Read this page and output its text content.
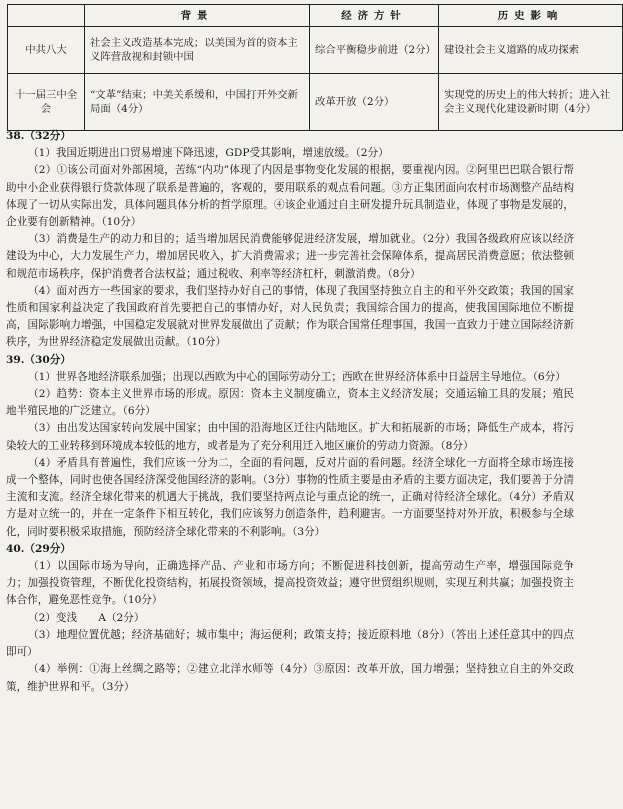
	背景	经济方针	历史影响
中共八大	社会主义改造基本完成；以美国为首的资本主义阵营敌视和封锁中国	综合平衡稳步前进（2分）	建设社会主义道路的成功探索
十一届三中全会	“文革”结束；中美关系缓和，中国打开外交新局面（4分）	改革开放（2分）	实现党的历史上的伟大转折；进入社会主义现代化建设新时期（4分）
38.（32分）

（1）我国近期进出口贸易增速下降迅速，GDP受其影响，增速放缓。（2分）

（2）①该公司面对外部困境，苦练“内功”体现了内因是事物变化发展的根据，要重视内因。②阿里巴巴联合银行帮助中小企业获得银行贷款体现了联系是普遍的，客观的，要用联系的观点看问题。③方正集团面向农村市场测整产品结构体现了一切从实际出发，具体问题具体分析的哲学原理。④该企业通过自主研发提升玩具制造业，体现了事物是发展的，企业要有创新精神。（10分）

（3）消费是生产的动力和目的；适当增加居民消费能够促进经济发展，增加就业。（2分）我国各级政府应该以经济建设为中心，大力发展生产力，增加居民收入，扩大消费需求；进一步完善社会保障体系，提高居民消费意愿；依法整顿和规范市场秩序，保护消费者合法权益；通过税收、利率等经济杠杆，刺激消费。（8分）

（4）面对西方一些国家的要求，我们坚持办好自己的事情，体现了我国坚持独立自主的和平外交政策；我国的国家性质和国家利益决定了我国政府首先要把自己的事情办好，对人民负责；我国综合国力的提高，使我国国际地位不断提高，国际影响力增强，中国稳定发展就对世界发展做出了贡献；作为联合国常任理事国，我国一直致力于建立国际经济新秩序，为世界经济稳定发展做出贡献。（10分）

39.（30分）

（1）世界各地经济联系加强；出现以西欧为中心的国际劳动分工；西欧在世界经济体系中日益居主导地位。（6分）

（2）趋势：资本主义世界市场的形成。原因：资本主义制度确立，资本主义经济发展；交通运输工具的发展；殖民地半殖民地的广泛建立。（6分）

（3）由出发达国家转向发展中国家；由中国的沿海地区迁往内陆地区。扩大和拓展新的市场；降低生产成本，将污染较大的工业转移到环境成本较低的地方，或者是为了充分利用迁入地区廉价的劳动力资源。（8分）

（4）矛盾具有普遍性，我们应该一分为二，全面的看问题，反对片面的看问题。经济全球化一方面将全球市场连接成一个整体，同时也使各国经济深受他国经济的影响。（3分）事物的性质主要是由矛盾的主要方面决定，我们要善于分清主流和支流。经济全球化带来的机遇大于挑战，我们要坚持两点论与重点论的统一，正确对待经济全球化。（4分）矛盾双方是对立统一的，并在一定条件下相互转化，我们应该努力创造条件，趋利避害。一方面要坚持对外开放，积极参与全球化，同时要积极采取措施，预防经济全球化带来的不利影响。（3分）

40.（29分）

（1）以国际市场为导向，正确选择产品、产业和市场方向；不断促进科技创新，提高劳动生产率，增强国际竞争力；加强投资管理，不断优化投资结构，拓展投资领域，提高投资效益；遵守世贸组织规则，实现互利共赢；加强投资主体合作，避免恶性竞争。（10分）

（2）变浅　　A（2分）

（3）地理位置优越；经济基础好；城市集中；海运便利；政策支持；接近原料地（8分）（答出上述任意其中的四点即可）

（4）举例：①海上丝绸之路等；②建立北洋水师等（4分）③原因：改革开放，国力增强；坚持独立自主的外交政策，维护世界和平。（3分）
